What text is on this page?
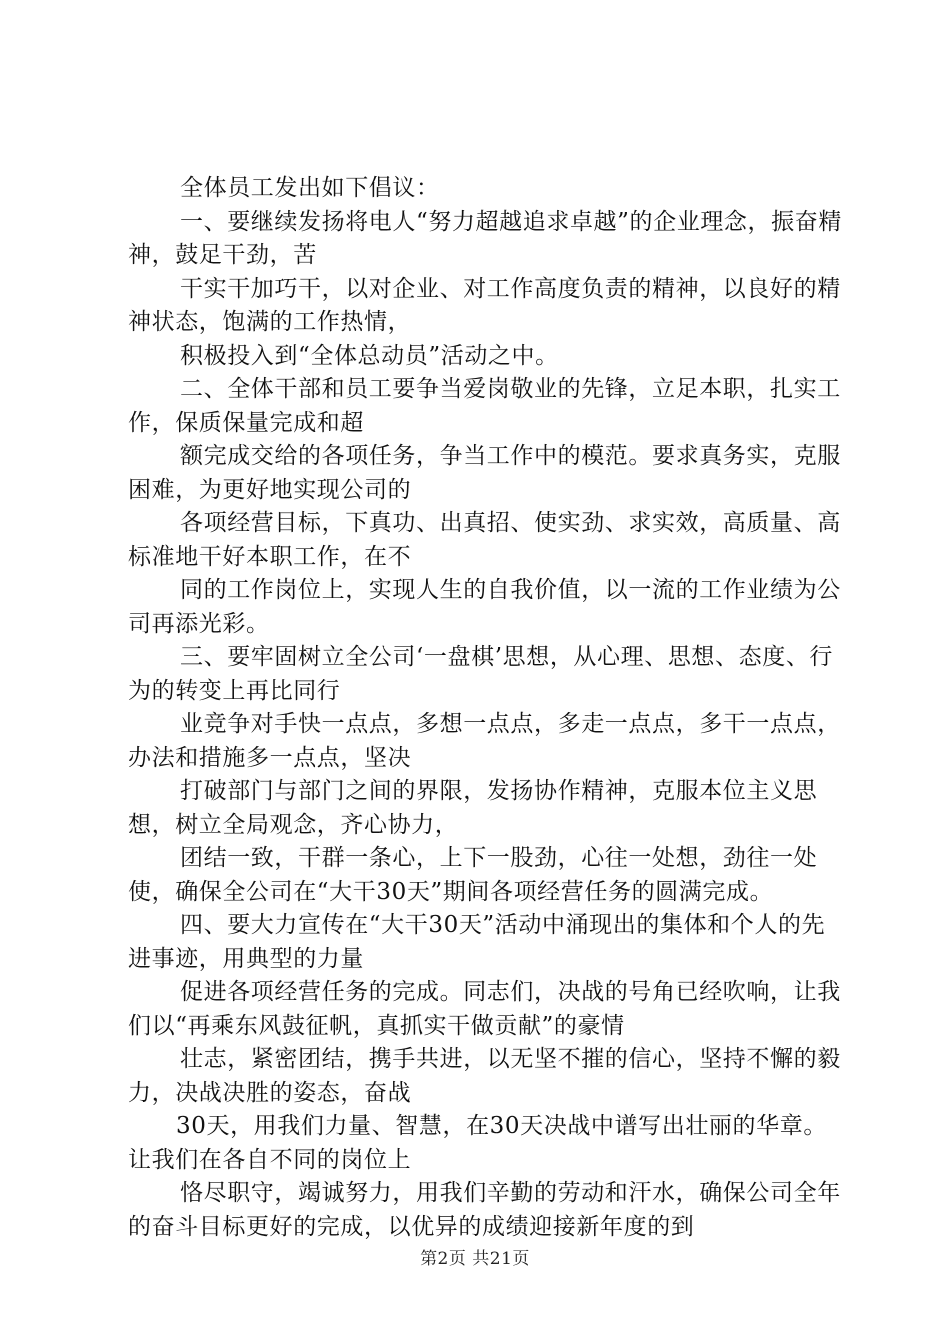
全体员工发出如下倡议：

一、要继续发扬将电人“努力超越追求卓越”的企业理念，振奋精神，鼓足干劲，苦

干实干加巧干，以对企业、对工作高度负责的精神，以良好的精神状态，饱满的工作热情，

积极投入到“全体总动员”活动之中。

二、全体干部和员工要争当爱岗敬业的先锋，立足本职，扎实工作，保质保量完成和超

额完成交给的各项任务，争当工作中的模范。要求真务实，克服困难，为更好地实现公司的

各项经营目标，下真功、出真招、使实劲、求实效，高质量、高标准地干好本职工作，在不

同的工作岗位上，实现人生的自我价值，以一流的工作业绩为公司再添光彩。

三、要牢固树立全公司‘一盘棋’思想，从心理、思想、态度、行为的转变上再比同行

业竞争对手快一点点，多想一点点，多走一点点，多干一点点，办法和措施多一点点，坚决

打破部门与部门之间的界限，发扬协作精神，克服本位主义思想，树立全局观念，齐心协力，

团结一致，干群一条心，上下一股劲，心往一处想，劲往一处使，确保全公司在“大干30天”期间各项经营任务的圆满完成。

四、要大力宣传在“大干30天”活动中涌现出的集体和个人的先进事迹，用典型的力量

促进各项经营任务的完成。同志们，决战的号角已经吹响，让我们以“再乘东风鼓征帆，真抓实干做贡献”的豪情

壮志，紧密团结，携手共进，以无坚不摧的信心，坚持不懈的毅力，决战决胜的姿态，奋战

30天，用我们力量、智慧，在30天决战中谱写出壮丽的华章。让我们在各自不同的岗位上

恪尽职守，竭诚努力，用我们辛勤的劳动和汗水，确保公司全年的奋斗目标更好的完成，以优异的成绩迎接新年度的到

第2页 共21页
